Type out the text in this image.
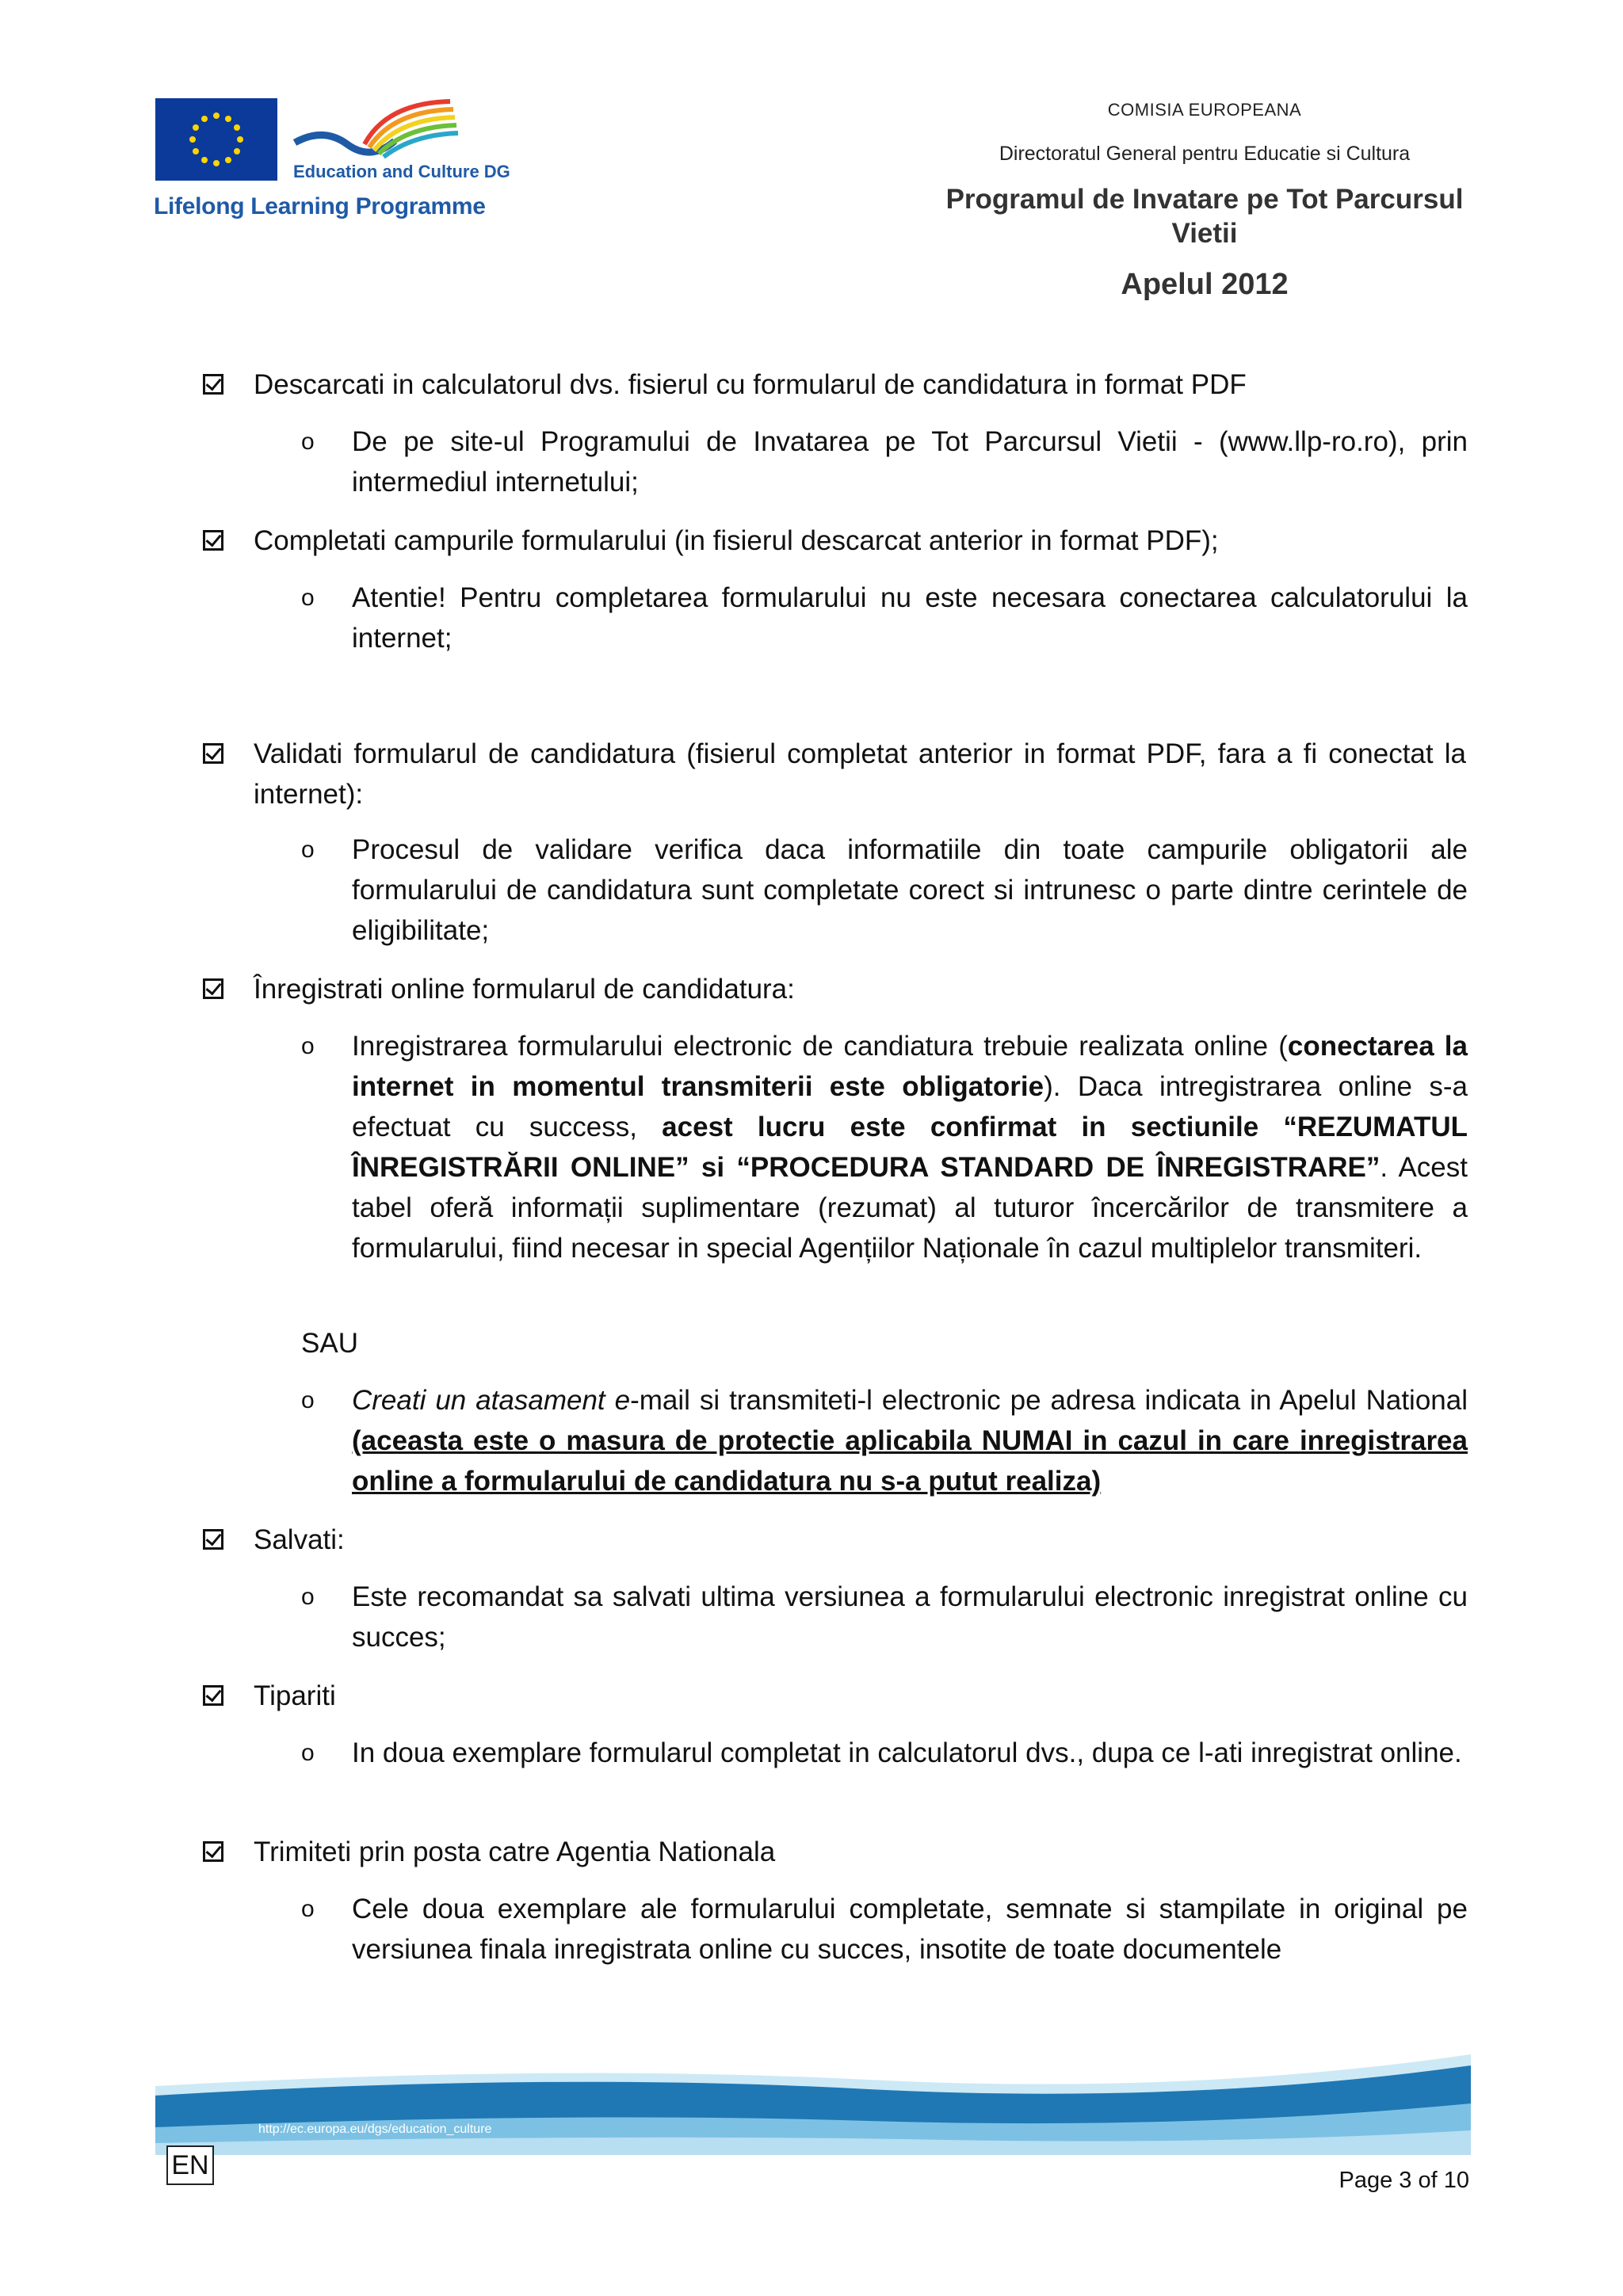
Education and Culture DG
Lifelong Learning Programme
COMISIA EUROPEANA
Directoratul General pentru Educatie si Cultura
Programul de Invatare pe Tot Parcursul Vietii
Apelul 2012
Descarcati in calculatorul dvs. fisierul cu formularul de candidatura in format PDF
o	De pe site-ul Programului de Invatarea pe Tot Parcursul Vietii - (www.llp-ro.ro), prin intermediul internetului;
Completati campurile formularului (in fisierul descarcat anterior in format PDF);
o	Atentie! Pentru completarea formularului nu este necesara conectarea calculatorului la internet;
Validati formularul de candidatura (fisierul completat anterior in format PDF, fara a fi conectat la internet):
o	Procesul de validare verifica daca informatiile din toate campurile obligatorii ale formularului de candidatura sunt completate corect si intrunesc o parte dintre cerintele de eligibilitate;
Înregistrati online formularul de candidatura:
o	Inregistrarea formularului electronic de candiatura trebuie realizata online (conectarea la internet in momentul transmiterii este obligatorie). Daca intregistrarea online s-a efectuat cu success, acest lucru este confirmat in sectiunile “REZUMATUL ÎNREGISTRĂRII ONLINE” si “PROCEDURA STANDARD DE ÎNREGISTRARE”. Acest tabel oferă informații suplimentare (rezumat) al tuturor încercărilor de transmitere a formularului, fiind necesar in special Agențiilor Naționale în cazul multiplelor transmiteri.
SAU
o	Creati un atasament e-mail si transmiteti-l electronic pe adresa indicata in Apelul National (aceasta este o masura de protectie aplicabila NUMAI in cazul in care inregistrarea online a formularului de candidatura nu s-a putut realiza)
Salvati:
o	Este recomandat sa salvati ultima versiunea a formularului electronic inregistrat online cu succes;
Tipariti
o	In doua exemplare formularul completat in calculatorul dvs., dupa ce l-ati inregistrat online.
Trimiteti prin posta catre Agentia Nationala
o	Cele doua exemplare ale formularului completate, semnate si stampilate in original pe versiunea finala inregistrata online cu succes, insotite de toate documentele
http://ec.europa.eu/dgs/education_culture
EN	Page 3 of 10
